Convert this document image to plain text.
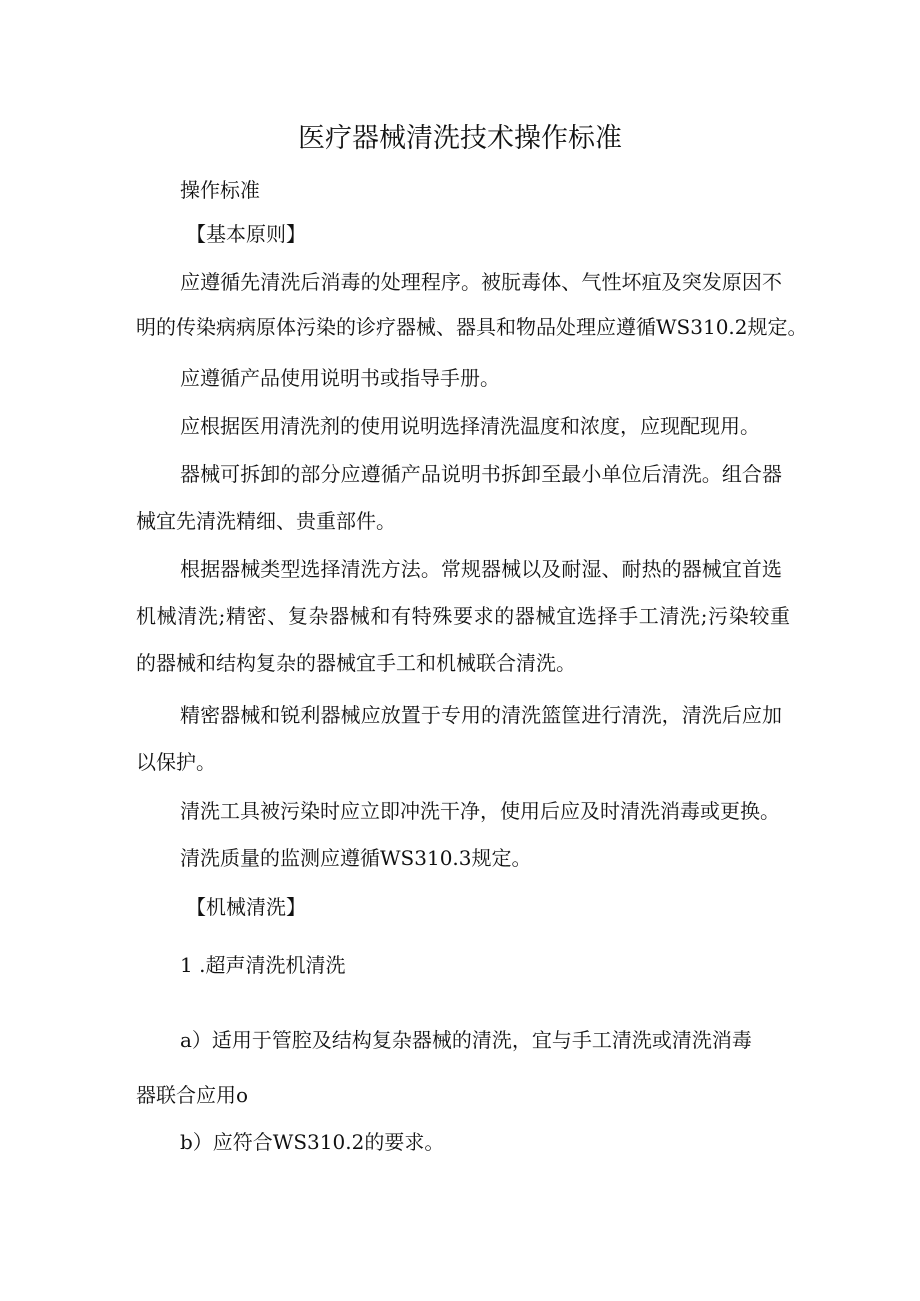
医疗器械清洗技术操作标准
操作标准
【基本原则】
应遵循先清洗后消毒的处理程序。被朊毒体、气性坏疽及突发原因不
明的传染病病原体污染的诊疗器械、器具和物品处理应遵循WS310.2规定。
应遵循产品使用说明书或指导手册。
应根据医用清洗剂的使用说明选择清洗温度和浓度，应现配现用。
器械可拆卸的部分应遵循产品说明书拆卸至最小单位后清洗。组合器
械宜先清洗精细、贵重部件。
根据器械类型选择清洗方法。常规器械以及耐湿、耐热的器械宜首选
机械清洗;精密、复杂器械和有特殊要求的器械宜选择手工清洗;污染较重
的器械和结构复杂的器械宜手工和机械联合清洗。
精密器械和锐利器械应放置于专用的清洗篮筐进行清洗，清洗后应加
以保护。
清洗工具被污染时应立即冲洗干净，使用后应及时清洗消毒或更换。
清洗质量的监测应遵循WS310.3规定。
【机械清洗】
1 .超声清洗机清洗
a）适用于管腔及结构复杂器械的清洗，宜与手工清洗或清洗消毒
器联合应用o
b）应符合WS310.2的要求。
